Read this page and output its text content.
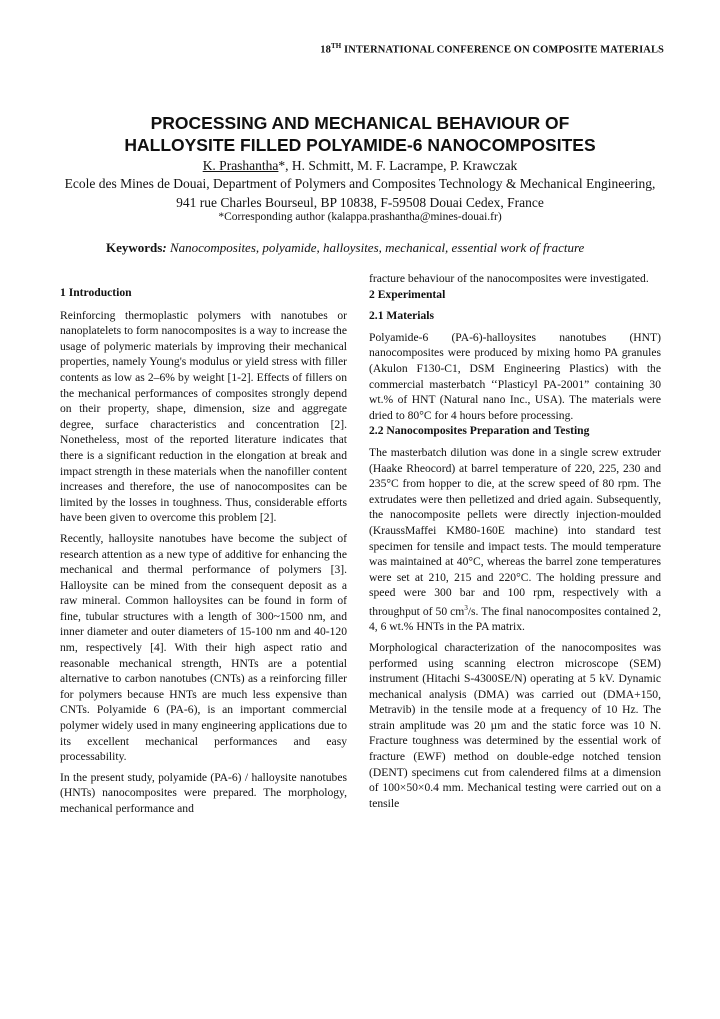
18TH INTERNATIONAL CONFERENCE ON COMPOSITE MATERIALS
PROCESSING AND MECHANICAL BEHAVIOUR OF
HALLOYSITE FILLED POLYAMIDE-6 NANOCOMPOSITES
K. Prashantha*, H. Schmitt, M. F. Lacrampe, P. Krawczak
Ecole des Mines de Douai, Department of Polymers and Composites Technology & Mechanical Engineering, 941 rue Charles Bourseul, BP 10838, F-59508 Douai Cedex, France
*Corresponding author (kalappa.prashantha@mines-douai.fr)
Keywords: Nanocomposites, polyamide, halloysites, mechanical, essential work of fracture
1 Introduction

Reinforcing thermoplastic polymers with nanotubes or nanoplatelets to form nanocomposites is a way to increase the usage of polymeric materials by improving their mechanical properties, namely Young's modulus or yield stress with filler contents as low as 2–6% by weight [1-2]. Effects of fillers on the mechanical performances of composites strongly depend on their property, shape, dimension, size and aggregate degree, surface characteristics and concentration [2]. Nonetheless, most of the reported literature indicates that there is a significant reduction in the elongation at break and impact strength in these materials when the nanofiller content increases and therefore, the use of nanocomposites can be limited by the losses in toughness. Thus, considerable efforts have been given to overcome this problem [2].

Recently, halloysite nanotubes have become the subject of research attention as a new type of additive for enhancing the mechanical and thermal performance of polymers [3]. Halloysite can be mined from the consequent deposit as a raw mineral. Common halloysites can be found in form of fine, tubular structures with a length of 300~1500 nm, and inner diameter and outer diameters of 15-100 nm and 40-120 nm, respectively [4]. With their high aspect ratio and reasonable mechanical strength, HNTs are a potential alternative to carbon nanotubes (CNTs) as a reinforcing filler for polymers because HNTs are much less expensive than CNTs. Polyamide 6 (PA-6), is an important commercial polymer widely used in many engineering applications due to its excellent mechanical performances and easy processability.

In the present study, polyamide (PA-6) / halloysite nanotubes (HNTs) nanocomposites were prepared. The morphology, mechanical performance and

fracture behaviour of the nanocomposites were investigated.

2 Experimental
2.1 Materials

Polyamide-6 (PA-6)-halloysites nanotubes (HNT) nanocomposites were produced by mixing homo PA granules (Akulon F130-C1, DSM Engineering Plastics) with the commercial masterbatch ‘‘Plasticyl PA-2001” containing 30 wt.% of HNT (Natural nano Inc., USA). The materials were dried to 80°C for 4 hours before processing.

2.2 Nanocomposites Preparation and Testing

The masterbatch dilution was done in a single screw extruder (Haake Rheocord) at barrel temperature of 220, 225, 230 and 235°C from hopper to die, at the screw speed of 80 rpm. The extrudates were then pelletized and dried again. Subsequently, the nanocomposite pellets were directly injection-moulded (KraussMaffei KM80-160E machine) into standard test specimen for tensile and impact tests. The mould temperature was maintained at 40°C, whereas the barrel zone temperatures were set at 210, 215 and 220°C. The holding pressure and speed were 300 bar and 100 rpm, respectively with a throughput of 50 $cm^3/s$. The final nanocomposites contained 2, 4, 6 wt.% HNTs in the PA matrix.

Morphological characterization of the nanocomposites was performed using scanning electron microscope (SEM) instrument (Hitachi S-4300SE/N) operating at 5 kV. Dynamic mechanical analysis (DMA) was carried out (DMA+150, Metravib) in the tensile mode at a frequency of 10 Hz. The strain amplitude was 20 µm and the static force was 10 N. Fracture toughness was determined by the essential work of fracture (EWF) method on double-edge notched tension (DENT) specimens cut from calendered films at a dimension of 100×50×0.4 mm. Mechanical testing were carried out on a tensile
